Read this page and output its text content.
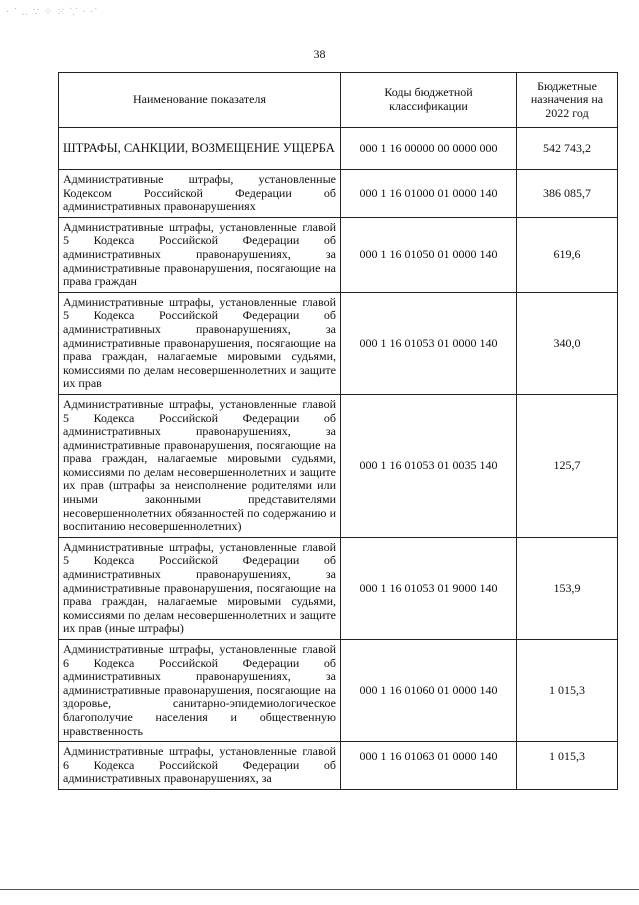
· ˙ ‥ ∵ ⁘ ⁙ ⸪ ‧ ·˙
38
Наименование показателя	Коды бюджетной классификации	Бюджетные назначения на 2022 год
ШТРАФЫ, САНКЦИИ, ВОЗМЕЩЕНИЕ УЩЕРБА	000 1 16 00000 00 0000 000	542 743,2
Административные штрафы, установленные Кодексом Российской Федерации об административных правонарушениях	000 1 16 01000 01 0000 140	386 085,7
Административные штрафы, установленные главой 5 Кодекса Российской Федерации об административных правонарушениях, за административные правонарушения, посягающие на права граждан	000 1 16 01050 01 0000 140	619,6
Административные штрафы, установленные главой 5 Кодекса Российской Федерации об административных правонарушениях, за административные правонарушения, посягающие на права граждан, налагаемые мировыми судьями, комиссиями по делам несовершеннолетних и защите их прав	000 1 16 01053 01 0000 140	340,0
Административные штрафы, установленные главой 5 Кодекса Российской Федерации об административных правонарушениях, за административные правонарушения, посягающие на права граждан, налагаемые мировыми судьями, комиссиями по делам несовершеннолетних и защите их прав (штрафы за неисполнение родителями или иными законными представителями несовершеннолетних обязанностей по содержанию и воспитанию несовершеннолетних)	000 1 16 01053 01 0035 140	125,7
Административные штрафы, установленные главой 5 Кодекса Российской Федерации об административных правонарушениях, за административные правонарушения, посягающие на права граждан, налагаемые мировыми судьями, комиссиями по делам несовершеннолетних и защите их прав (иные штрафы)	000 1 16 01053 01 9000 140	153,9
Административные штрафы, установленные главой 6 Кодекса Российской Федерации об административных правонарушениях, за административные правонарушения, посягающие на здоровье, санитарно-эпидемиологическое благополучие населения и общественную нравственность	000 1 16 01060 01 0000 140	1 015,3
Административные штрафы, установленные главой 6 Кодекса Российской Федерации об административных правонарушениях, за	000 1 16 01063 01 0000 140	1 015,3
